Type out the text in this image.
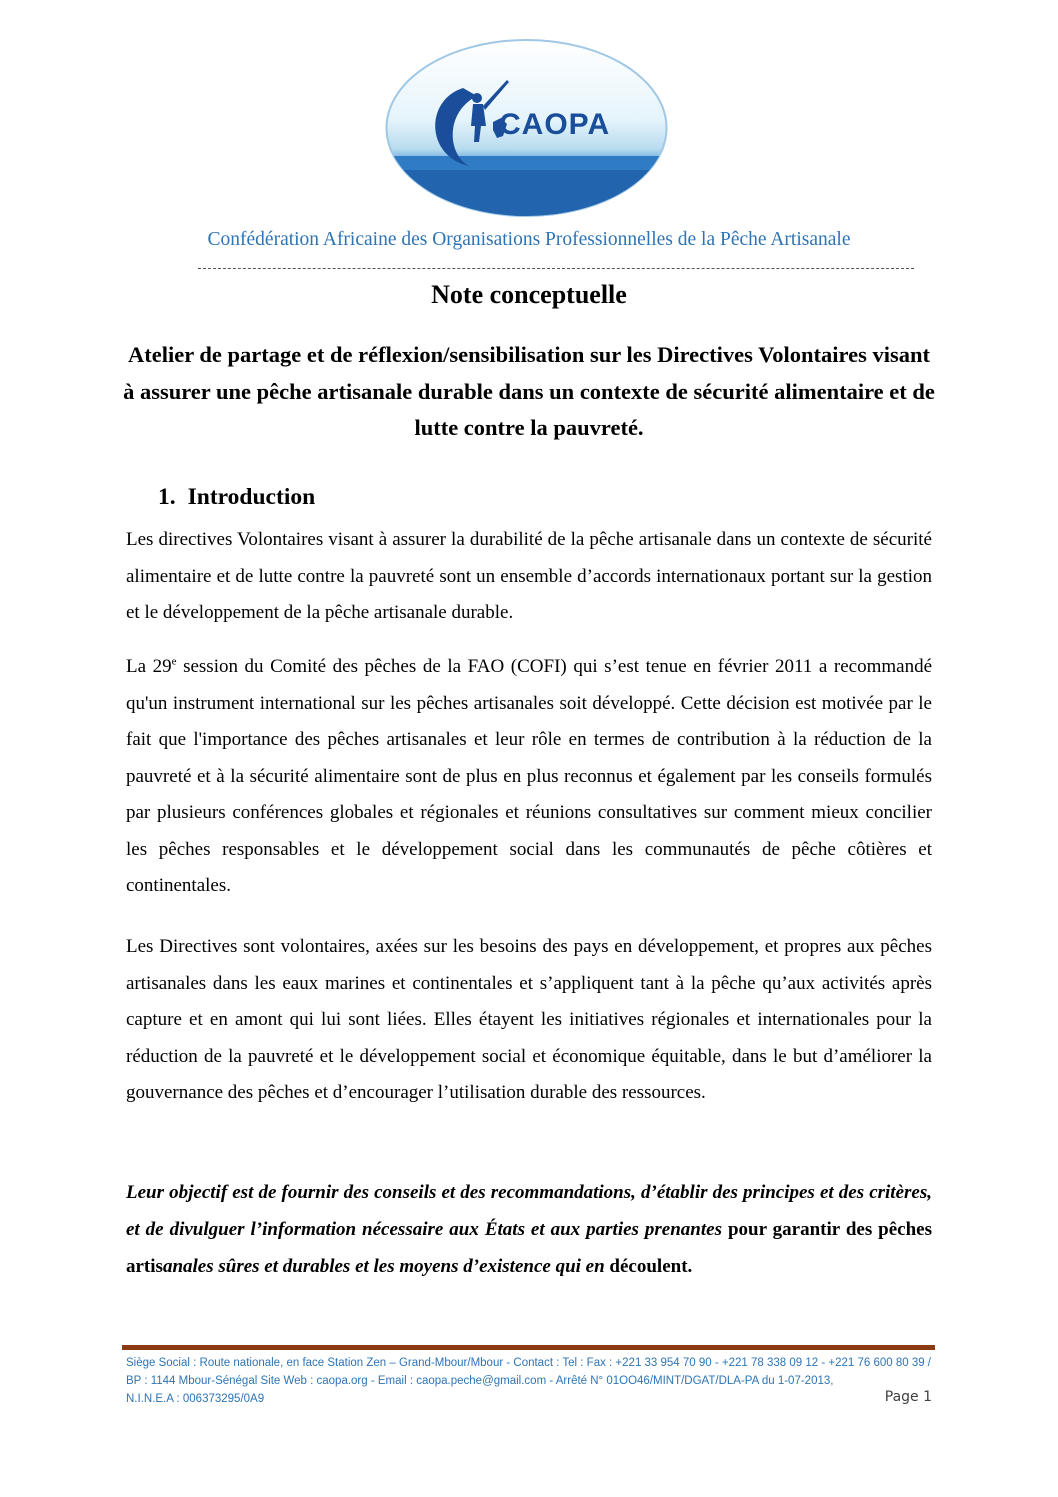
CAOPA
Confédération Africaine des Organisations Professionnelles de la Pêche Artisanale
Note conceptuelle
Atelier de partage et de réflexion/sensibilisation sur les Directives Volontaires visant à assurer une pêche artisanale durable dans un contexte de sécurité alimentaire et de lutte contre la pauvreté.
1. Introduction

Les directives Volontaires visant à assurer la durabilité de la pêche artisanale dans un contexte de sécurité alimentaire et de lutte contre la pauvreté sont un ensemble d’accords internationaux portant sur la gestion et le développement de la pêche artisanale durable.

La 29e session du Comité des pêches de la FAO (COFI) qui s’est tenue en février 2011 a recommandé qu'un instrument international sur les pêches artisanales soit développé. Cette décision est motivée par le fait que l'importance des pêches artisanales et leur rôle en termes de contribution à la réduction de la pauvreté et à la sécurité alimentaire sont de plus en plus reconnus et également par les conseils formulés par plusieurs conférences globales et régionales et réunions consultatives sur comment mieux concilier les pêches responsables et le développement social dans les communautés de pêche côtières et continentales.

Les Directives sont volontaires, axées sur les besoins des pays en développement, et propres aux pêches artisanales dans les eaux marines et continentales et s’appliquent tant à la pêche qu’aux activités après capture et en amont qui lui sont liées. Elles étayent les initiatives régionales et internationales pour la réduction de la pauvreté et le développement social et économique équitable, dans le but d’améliorer la gouvernance des pêches et d’encourager l’utilisation durable des ressources.

Leur objectif est de fournir des conseils et des recommandations, d’établir des principes et des critères, et de divulguer l’information nécessaire aux États et aux parties prenantes pour garantir des pêches artisanales sûres et durables et les moyens d’existence qui en découlent.

Siège Social : Route nationale, en face Station Zen – Grand-Mbour/Mbour - Contact : Tel : Fax : +221 33 954 70 90 - +221 78 338 09 12 - +221 76 600 80 39 / BP : 1144 Mbour-Sénégal Site Web : caopa.org - Email : caopa.peche@gmail.com - Arrêté N° 01OO46/MINT/DGAT/DLA-PA du 1-07-2013,

N.I.N.E.A : 006373295/0A9	Page 1
